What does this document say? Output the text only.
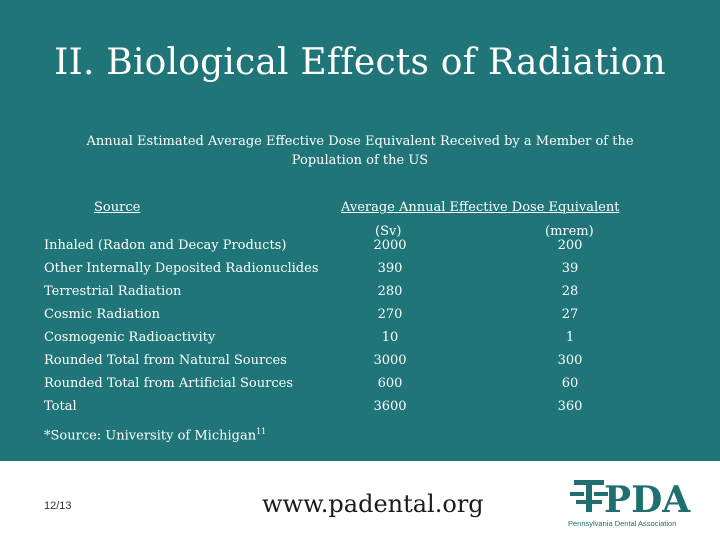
II. Biological Effects of Radiation
Annual Estimated Average Effective Dose Equivalent Received by a Member of the Population of the US
Source	Average Annual Effective Dose Equivalent
(Sv)	(mrem)
Inhaled (Radon and Decay Products)	2000	200
Other Internally Deposited Radionuclides	390	39
Terrestrial Radiation	280	28
Cosmic Radiation	270	27
Cosmogenic Radioactivity	10	1
Rounded Total from Natural Sources	3000	300
Rounded Total from Artificial Sources	600	60
Total	3600	360
*Source: University of Michigan$^{11}$
12/13	www.padental.org	PDA
Pennsylvania Dental Association
